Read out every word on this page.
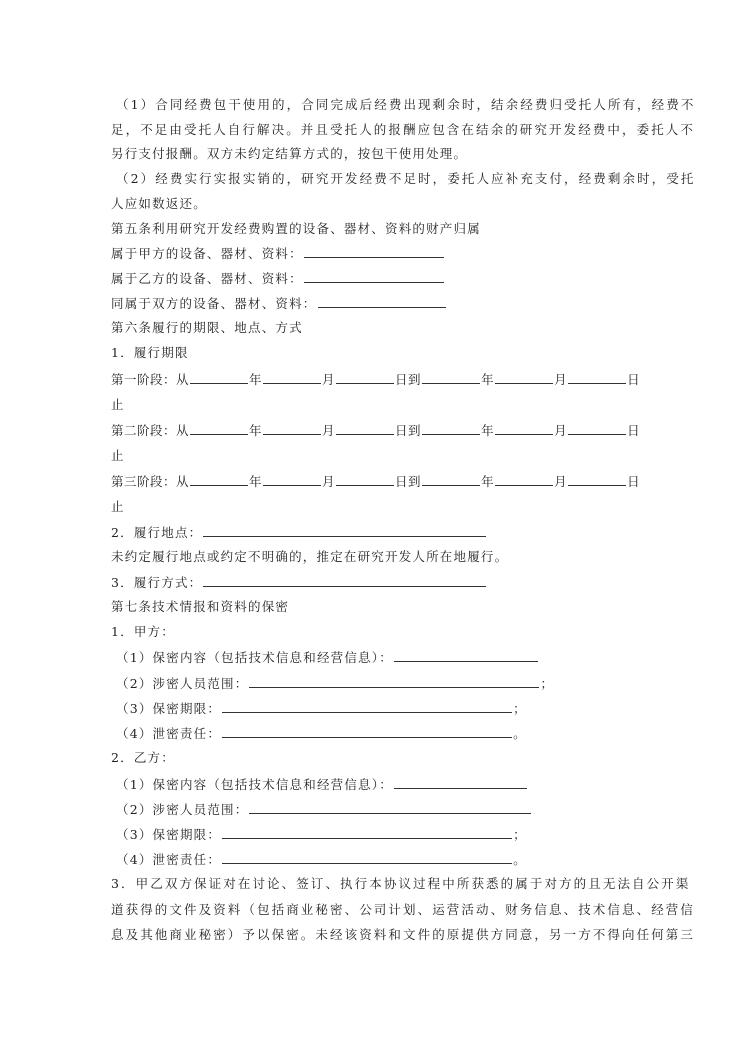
（1）合同经费包干使用的，合同完成后经费出现剩余时，结余经费归受托人所有，经费不
足，不足由受托人自行解决。并且受托人的报酬应包含在结余的研究开发经费中，委托人不
另行支付报酬。双方未约定结算方式的，按包干使用处理。
（2）经费实行实报实销的，研究开发经费不足时，委托人应补充支付，经费剩余时，受托
人应如数返还。
第五条利用研究开发经费购置的设备、器材、资料的财产归属
属于甲方的设备、器材、资料：
属于乙方的设备、器材、资料：
同属于双方的设备、器材、资料：
第六条履行的期限、地点、方式
1．履行期限
第一阶段：从	年	月	日到	年	月	日
止
第二阶段：从	年	月	日到	年	月	日
止
第三阶段：从	年	月	日到	年	月	日
止
2．履行地点：
未约定履行地点或约定不明确的，推定在研究开发人所在地履行。
3．履行方式：
第七条技术情报和资料的保密
1．甲方：
（1）保密内容（包括技术信息和经营信息）：
（2）涉密人员范围：	；
（3）保密期限：	；
（4）泄密责任：	。
2．乙方：
（1）保密内容（包括技术信息和经营信息）：
（2）涉密人员范围：
（3）保密期限：	；
（4）泄密责任：	。
3．甲乙双方保证对在讨论、签订、执行本协议过程中所获悉的属于对方的且无法自公开渠
道获得的文件及资料（包括商业秘密、公司计划、运营活动、财务信息、技术信息、经营信
息及其他商业秘密）予以保密。未经该资料和文件的原提供方同意，另一方不得向任何第三
